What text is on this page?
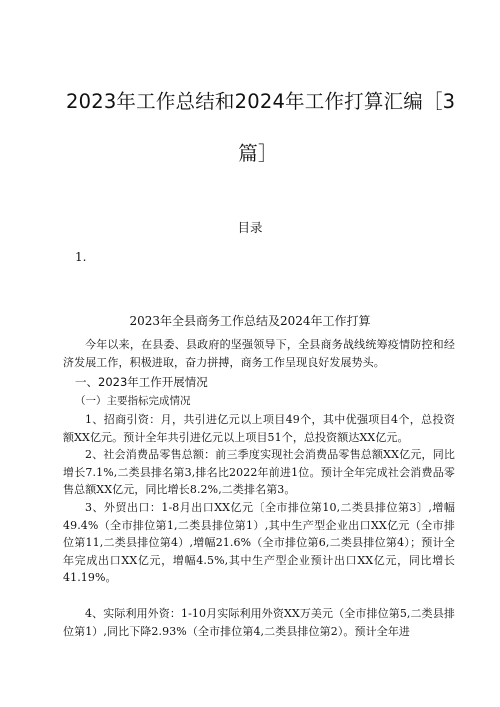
2023年工作总结和2024年工作打算汇编［3
篇］
目录
1.
2023年全县商务工作总结及2024年工作打算

今年以来，在县委、县政府的坚强领导下，全县商务战线统筹疫情防控和经济发展工作，积极进取，奋力拼搏，商务工作呈现良好发展势头。

一、2023年工作开展情况
（一）主要指标完成情况

1、招商引资：月，共引进亿元以上项目49个，其中优强项目4个，总投资额XX亿元。预计全年共引进亿元以上项目51个，总投资额达XX亿元。

2、社会消费品零售总额：前三季度实现社会消费品零售总额XX亿元，同比增长7.1%,二类县排名第3,排名比2022年前进1位。预计全年完成社会消费品零售总额XX亿元，同比增长8.2%,二类排名第3。

3、外贸出口：1-8月出口XX亿元〔全市排位第10,二类县排位第3〕,增幅49.4%（全市排位第1,二类县排位第1）,其中生产型企业出口XX亿元（全市排位第11,二类县排位第4）,增幅21.6%（全市排位第6,二类县排位第4）；预计全年完成出口XX亿元，增幅4.5%,其中生产型企业预计出口XX亿元，同比增长41.19%。

4、实际利用外资：1-10月实际利用外资XX万美元（全市排位第5,二类县排位第1）,同比下降2.93%（全市排位第4,二类县排位第2）。预计全年进
